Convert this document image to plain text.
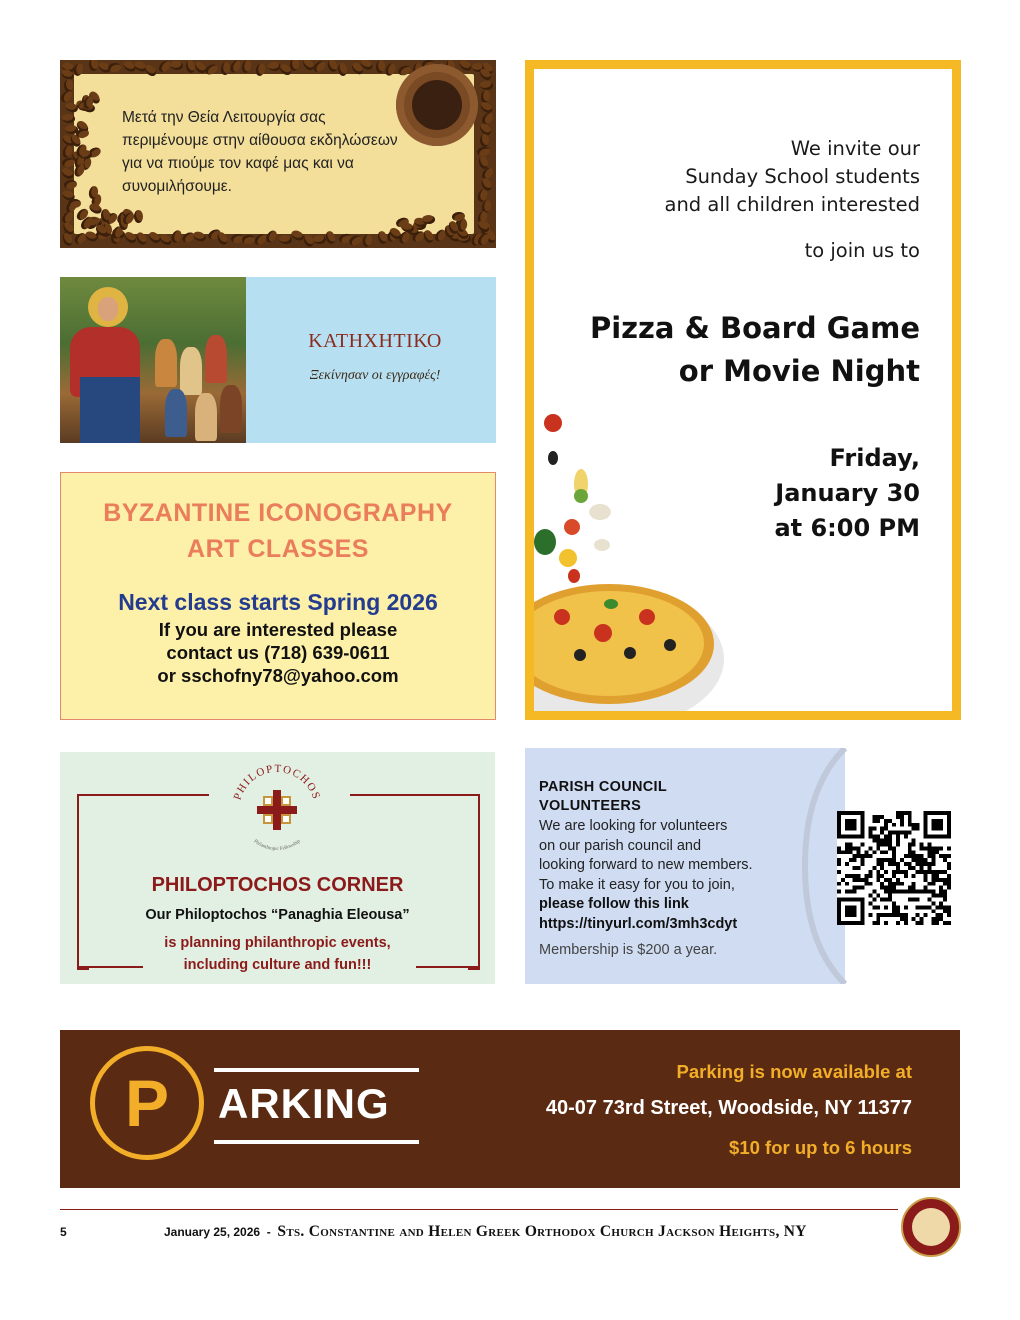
Μετά την Θεία Λειτουργία σας περιμένουμε στην αίθουσα εκδηλώσεων για να πιούμε τον καφέ μας και να συνομιλήσουμε.
ΚΑΤΗΧΗΤΙΚΟ
Ξεκίνησαν οι εγγραφές!
BYZANTINE ICONOGRAPHY
ART CLASSES
Next class starts Spring 2026
If you are interested please
contact us (718) 639-0611
or sschofny78@yahoo.com
We invite our
Sunday School students
and all children interested
to join us to
Pizza & Board Game
or Movie Night
Friday,
January 30
at 6:00 PM
PHILOPTOCHOS
Philanthropic Fellowship
PHILOPTOCHOS CORNER
Our Philoptochos “Panaghia Eleousa”
is planning philanthropic events,
including culture and fun!!!
PARISH COUNCIL
VOLUNTEERS
We are looking for volunteers
on our parish council and
looking forward to new members.
To make it easy for you to join,
please follow this link
https://tinyurl.com/3mh3cdyt
Membership is $200 a year.
P	ARKING
Parking is now available at
40-07 73rd Street, Woodside, NY 11377
$10 for up to 6 hours
5	January 25, 2026  -  Sts. Constantine and Helen Greek Orthodox Church Jackson Heights, NY
